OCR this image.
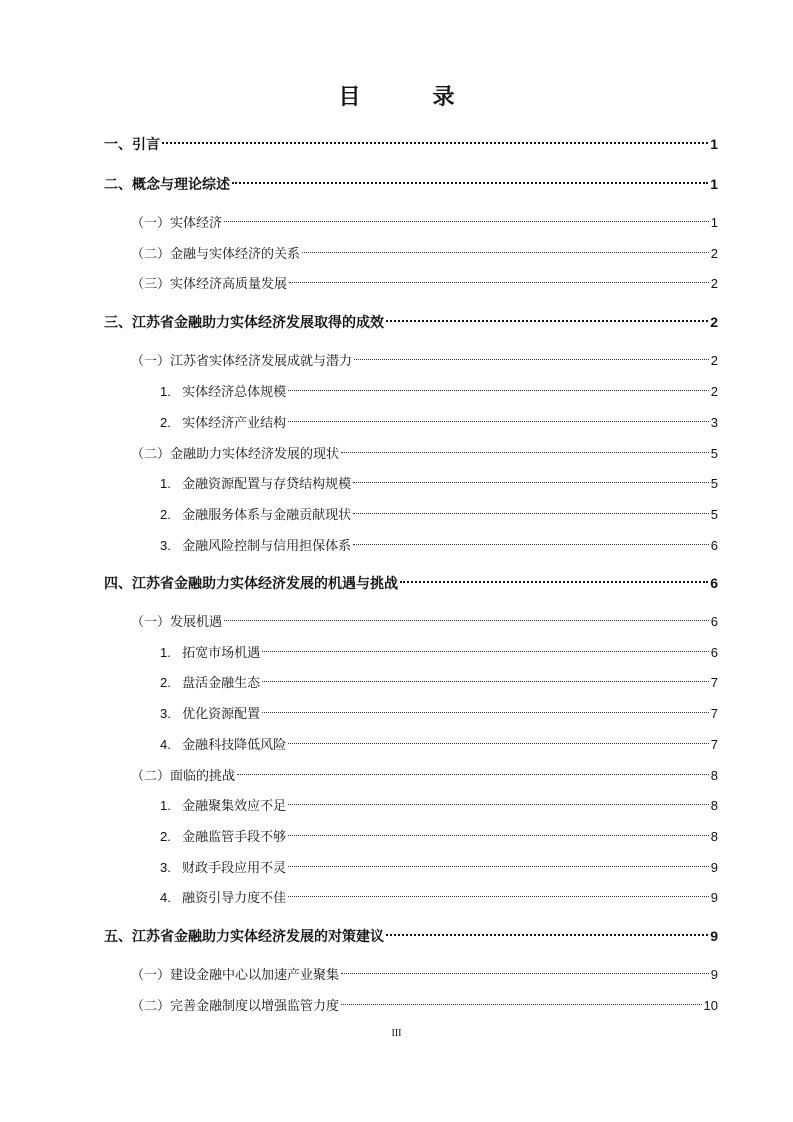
目	录
一、引言	1
二、概念与理论综述	1
（一）实体经济	1
（二）金融与实体经济的关系	2
（三）实体经济高质量发展	2
三、江苏省金融助力实体经济发展取得的成效	2
（一）江苏省实体经济发展成就与潜力	2
1. 实体经济总体规模	2
2. 实体经济产业结构	3
（二）金融助力实体经济发展的现状	5
1. 金融资源配置与存贷结构规模	5
2. 金融服务体系与金融贡献现状	5
3. 金融风险控制与信用担保体系	6
四、江苏省金融助力实体经济发展的机遇与挑战	6
（一）发展机遇	6
1. 拓宽市场机遇	6
2. 盘活金融生态	7
3. 优化资源配置	7
4. 金融科技降低风险	7
（二）面临的挑战	8
1. 金融聚集效应不足	8
2. 金融监管手段不够	8
3. 财政手段应用不灵	9
4. 融资引导力度不佳	9
五、江苏省金融助力实体经济发展的对策建议	9
（一）建设金融中心以加速产业聚集	9
（二）完善金融制度以增强监管力度	10
III
